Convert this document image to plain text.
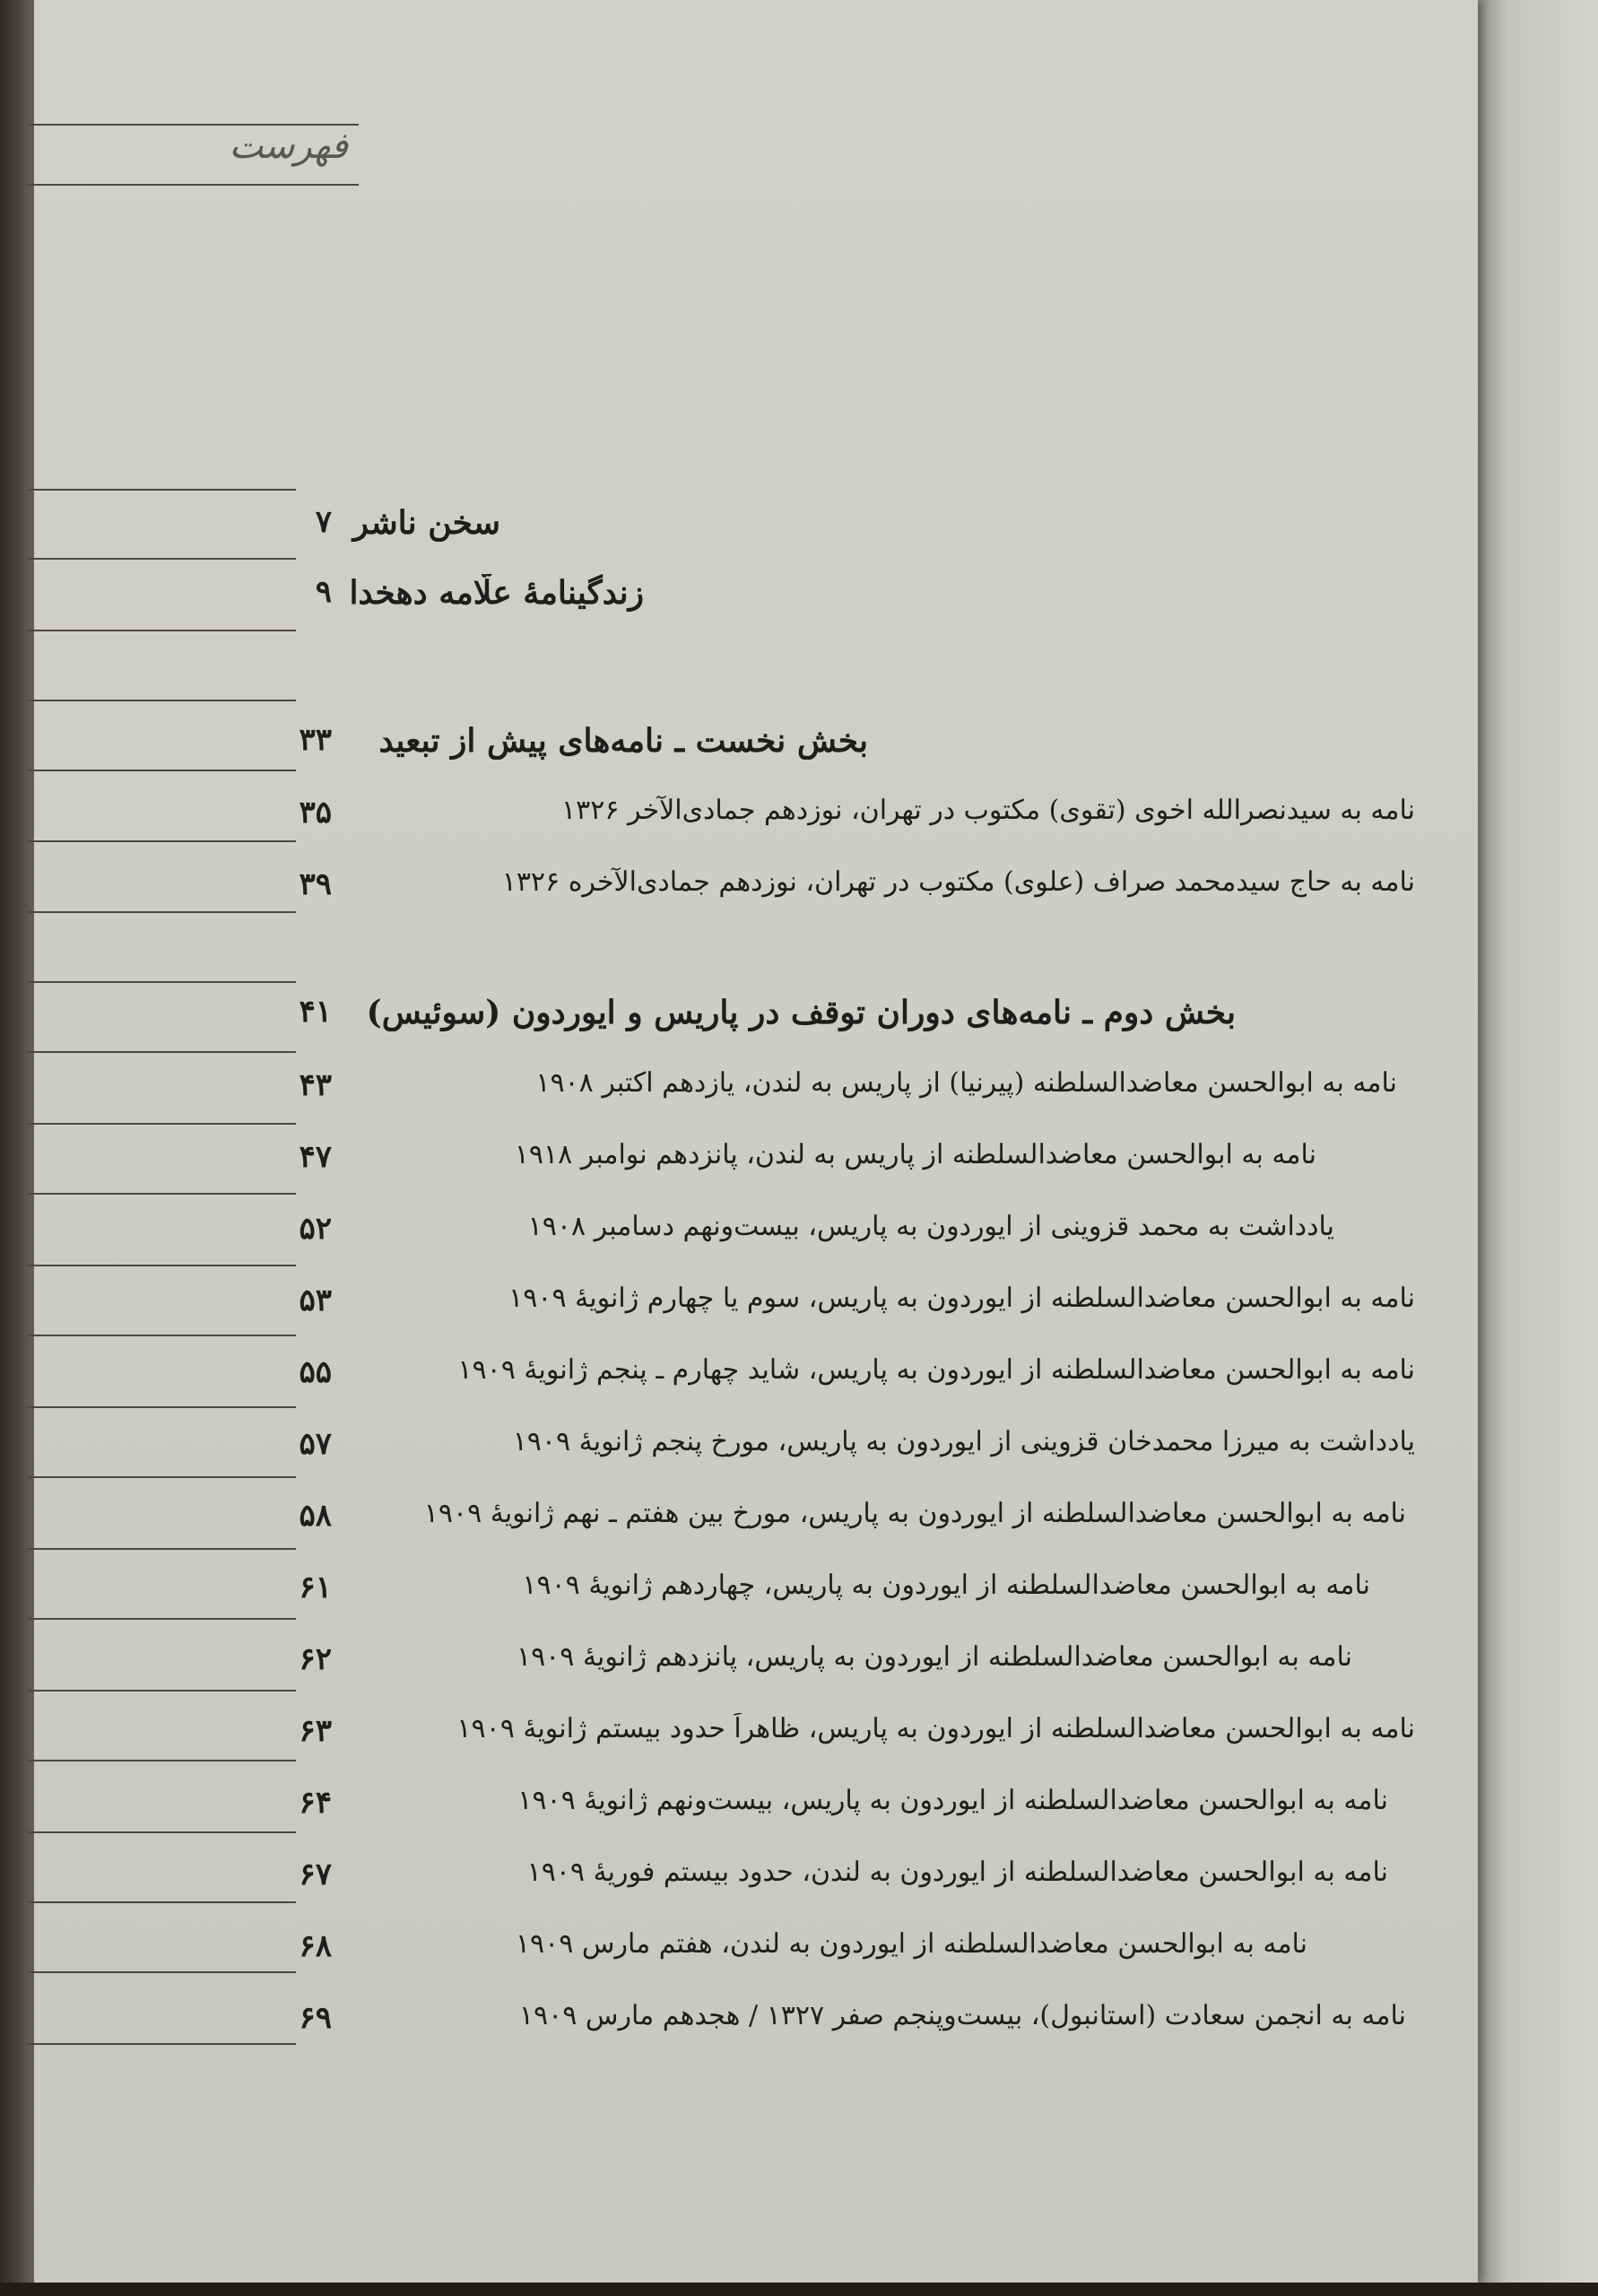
فهرست
سخن ناشر
۷
زندگینامهٔ علّامه دهخدا
۹
بخش نخست ـ نامه‌های پیش از تبعید
۳۳
نامه به سیدنصرالله اخوی (تقوی) مکتوب در تهران، نوزدهم جمادی‌الآخر ۱۳۲۶
۳۵
نامه به حاج سیدمحمد صراف (علوی) مکتوب در تهران، نوزدهم جمادی‌الآخره ۱۳۲۶
۳۹
بخش دوم ـ نامه‌های دوران توقف در پاریس و ایوردون (سوئیس)
۴۱
نامه به ابوالحسن معاضدالسلطنه (پیرنیا) از پاریس به لندن، یازدهم اکتبر ۱۹۰۸
۴۳
نامه به ابوالحسن معاضدالسلطنه از پاریس به لندن، پانزدهم نوامبر ۱۹۱۸
۴۷
یادداشت به محمد قزوینی از ایوردون به پاریس، بیست‌ونهم دسامبر ۱۹۰۸
۵۲
نامه به ابوالحسن معاضدالسلطنه از ایوردون به پاریس، سوم یا چهارم ژانویهٔ ۱۹۰۹
۵۳
نامه به ابوالحسن معاضدالسلطنه از ایوردون به پاریس، شاید چهارم ـ پنجم ژانویهٔ ۱۹۰۹
۵۵
یادداشت به میرزا محمدخان قزوینی از ایوردون به پاریس، مورخ پنجم ژانویهٔ ۱۹۰۹
۵۷
نامه به ابوالحسن معاضدالسلطنه از ایوردون به پاریس، مورخ بین هفتم ـ نهم ژانویهٔ ۱۹۰۹
۵۸
نامه به ابوالحسن معاضدالسلطنه از ایوردون به پاریس، چهاردهم ژانویهٔ ۱۹۰۹
۶۱
نامه به ابوالحسن معاضدالسلطنه از ایوردون به پاریس، پانزدهم ژانویهٔ ۱۹۰۹
۶۲
نامه به ابوالحسن معاضدالسلطنه از ایوردون به پاریس، ظاهراً حدود بیستم ژانویهٔ ۱۹۰۹
۶۳
نامه به ابوالحسن معاضدالسلطنه از ایوردون به پاریس، بیست‌ونهم ژانویهٔ ۱۹۰۹
۶۴
نامه به ابوالحسن معاضدالسلطنه از ایوردون به لندن، حدود بیستم فوریهٔ ۱۹۰۹
۶۷
نامه به ابوالحسن معاضدالسلطنه از ایوردون به لندن، هفتم مارس ۱۹۰۹
۶۸
نامه به انجمن سعادت (استانبول)، بیست‌وپنجم صفر ۱۳۲۷ / هجدهم مارس ۱۹۰۹
۶۹
